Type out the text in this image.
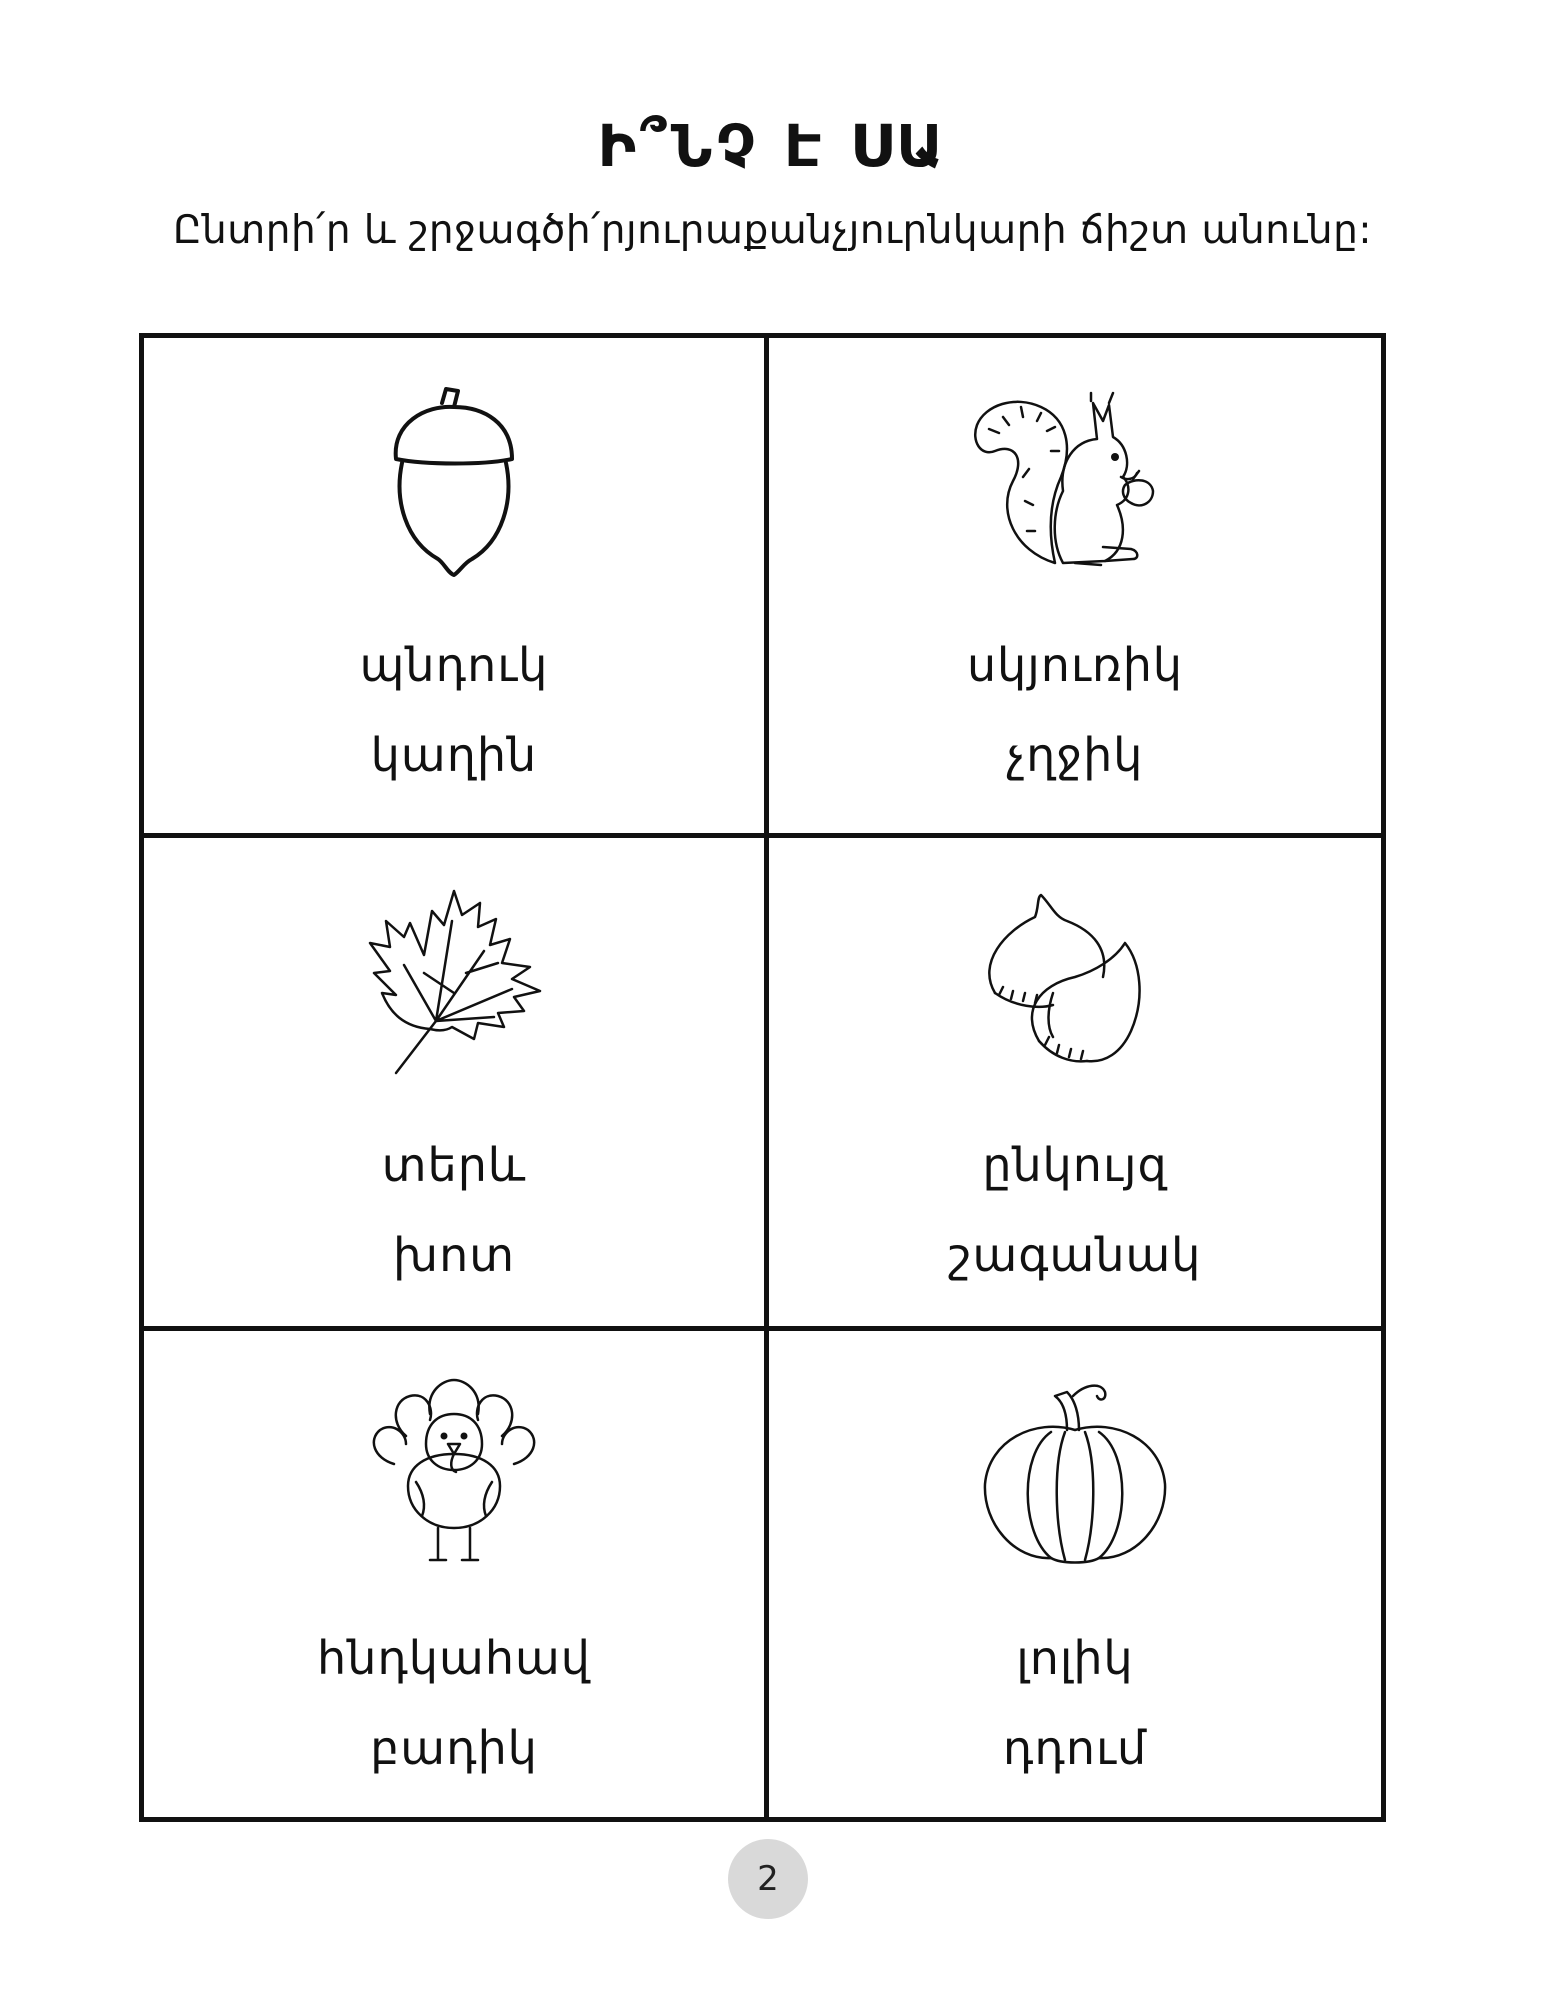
Ի՞ՆՉ Է ՍԱ
Ընտրի՛ր և շրջագծի՛րյուրաքանչյուրնկարի ճիշտ անունը:
պնդուկ
կաղին
սկյուռիկ
չղջիկ
տերև
խոտ
ընկույզ
շագանակ
հնդկահավ
բադիկ
լոլիկ
դդում
2
